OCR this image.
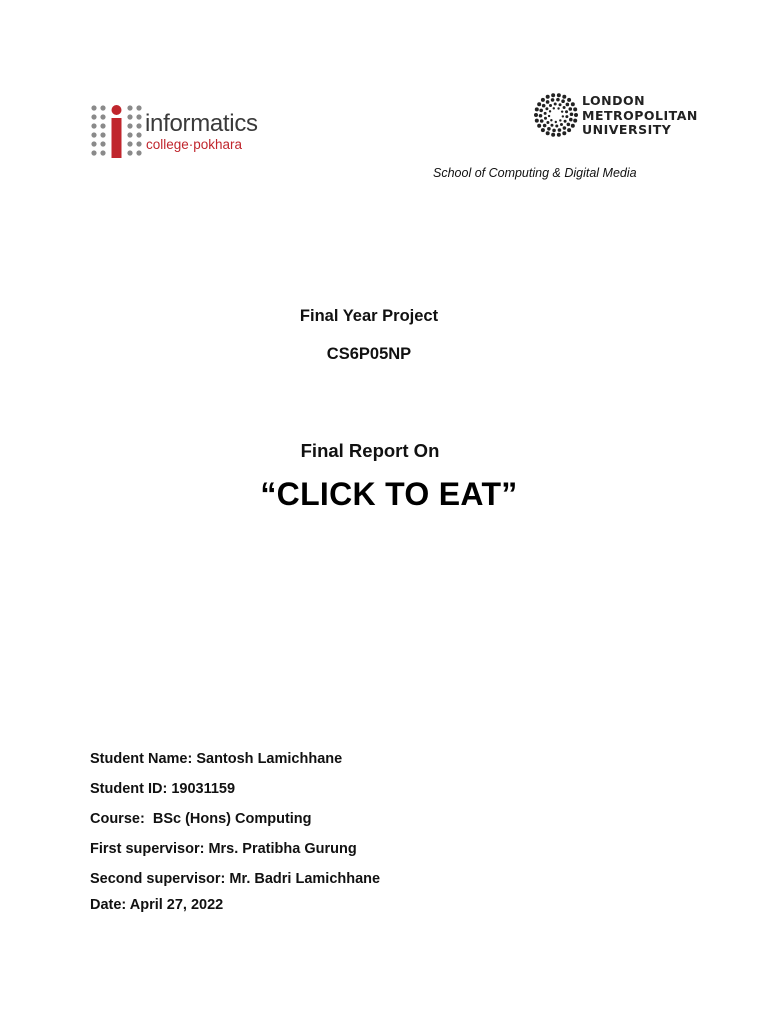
informatics
college·pokhara
LONDON
METROPOLITAN
UNIVERSITY
School of Computing & Digital Media
Final Year Project
CS6P05NP
Final Report On
“CLICK TO EAT”
Student Name: Santosh Lamichhane
Student ID: 19031159
Course:  BSc (Hons) Computing
First supervisor: Mrs. Pratibha Gurung
Second supervisor: Mr. Badri Lamichhane
Date: April 27, 2022
